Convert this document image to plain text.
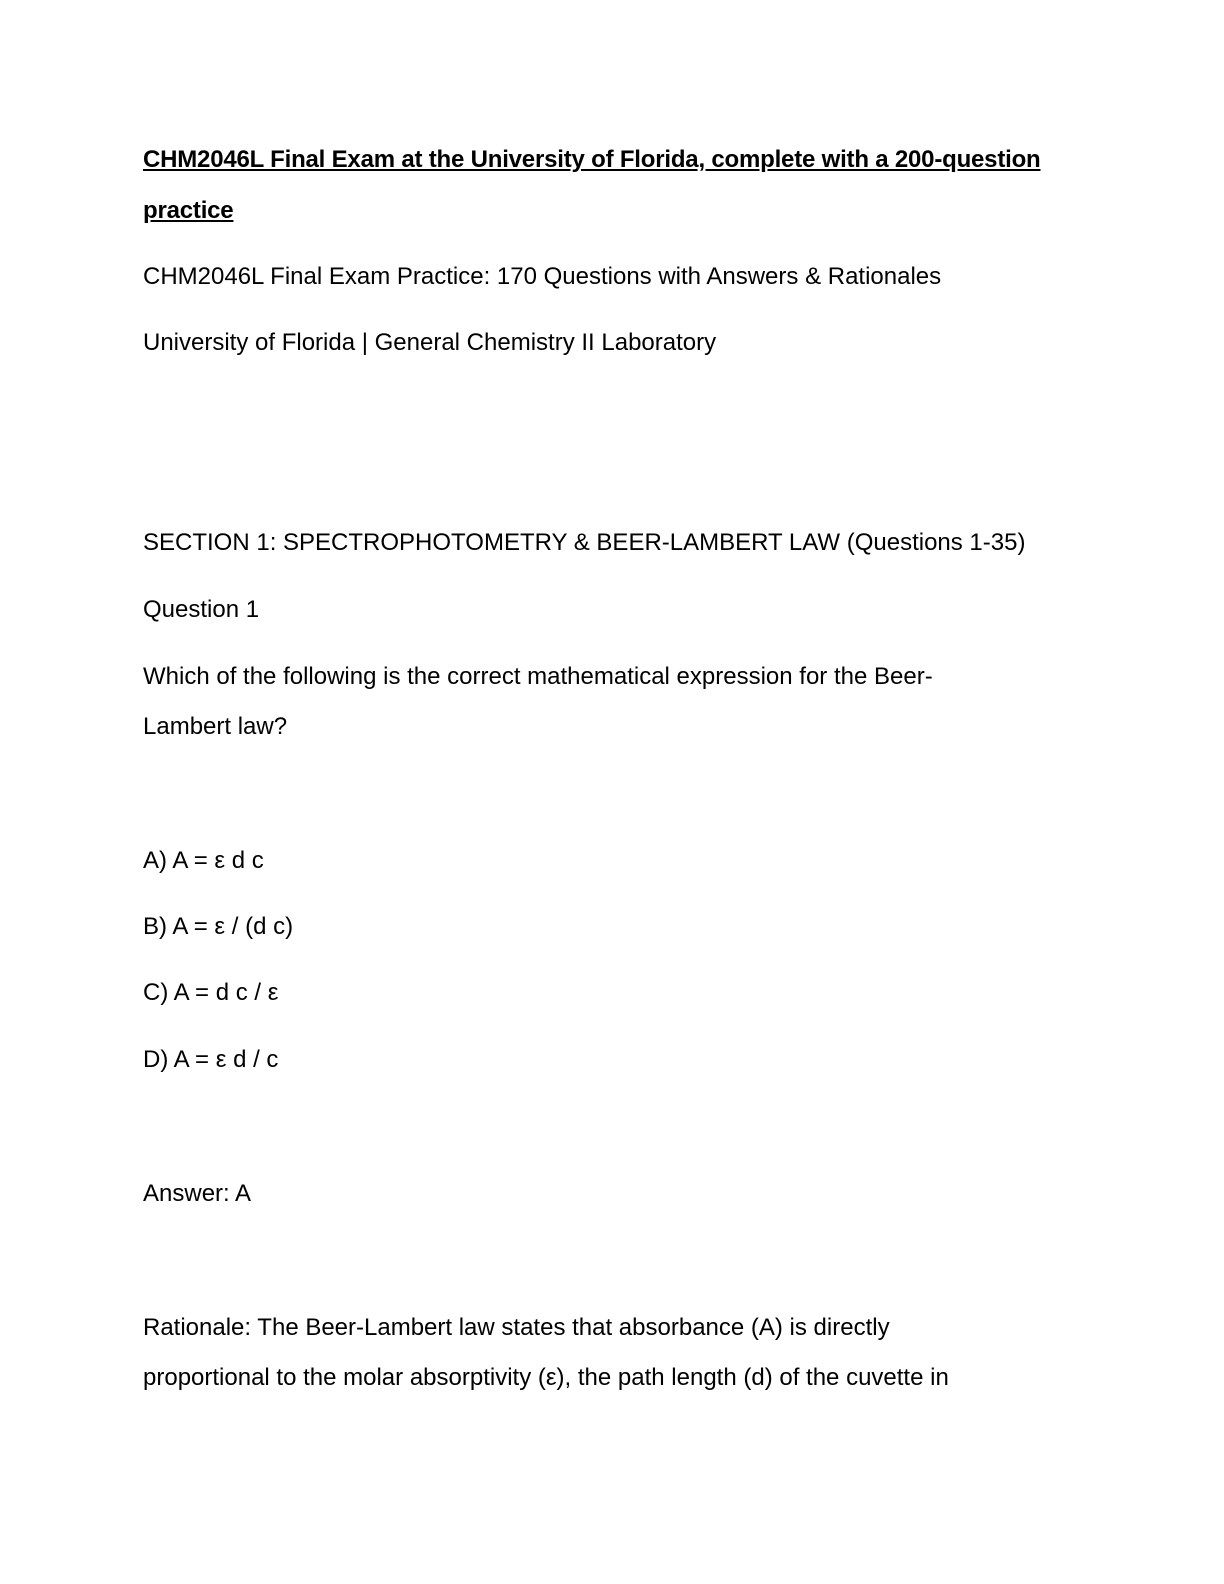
CHM2046L Final Exam at the University of Florida, complete with a 200-question
practice
CHM2046L Final Exam Practice: 170 Questions with Answers & Rationales
University of Florida | General Chemistry II Laboratory
SECTION 1: SPECTROPHOTOMETRY & BEER-LAMBERT LAW (Questions 1-35)
Question 1
Which of the following is the correct mathematical expression for the Beer-
Lambert law?
A) A = ε d c
B) A = ε / (d c)
C) A = d c / ε
D) A = ε d / c
Answer: A
Rationale: The Beer-Lambert law states that absorbance (A) is directly
proportional to the molar absorptivity (ε), the path length (d) of the cuvette in
